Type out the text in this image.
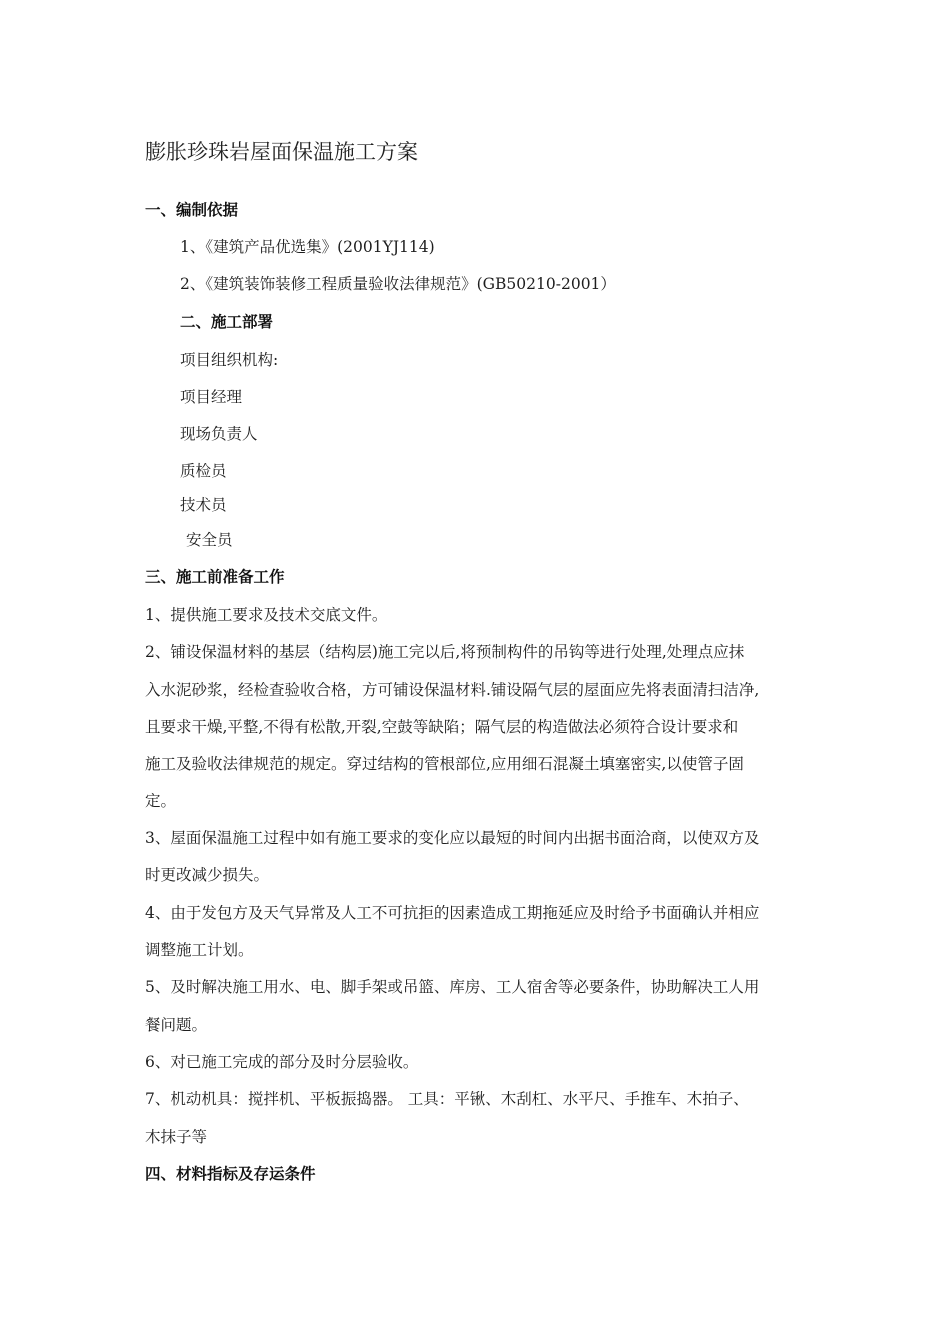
膨胀珍珠岩屋面保温施工方案
一、编制依据
1、《建筑产品优选集》(2001YJ114)
2、《建筑装饰装修工程质量验收法律规范》(GB50210-2001）
二、施工部署
项目组织机构:
项目经理
现场负责人
质检员
技术员
安全员
三、施工前准备工作
1、提供施工要求及技术交底文件。
2、铺设保温材料的基层（结构层)施工完以后,将预制构件的吊钩等进行处理,处理点应抹
入水泥砂浆，经检查验收合格，方可铺设保温材料.铺设隔气层的屋面应先将表面清扫洁净,
且要求干燥,平整,不得有松散,开裂,空鼓等缺陷；隔气层的构造做法必须符合设计要求和
施工及验收法律规范的规定。穿过结构的管根部位,应用细石混凝土填塞密实,以使管子固
定。
3、屋面保温施工过程中如有施工要求的变化应以最短的时间内出据书面洽商，以使双方及
时更改减少损失。
4、由于发包方及天气异常及人工不可抗拒的因素造成工期拖延应及时给予书面确认并相应
调整施工计划。
5、及时解决施工用水、电、脚手架或吊篮、库房、工人宿舍等必要条件，协助解决工人用
餐问题。
6、对已施工完成的部分及时分层验收。
7、机动机具：搅拌机、平板振捣器。 工具：平锹、木刮杠、水平尺、手推车、木拍子、
木抹子等
四、材料指标及存运条件
